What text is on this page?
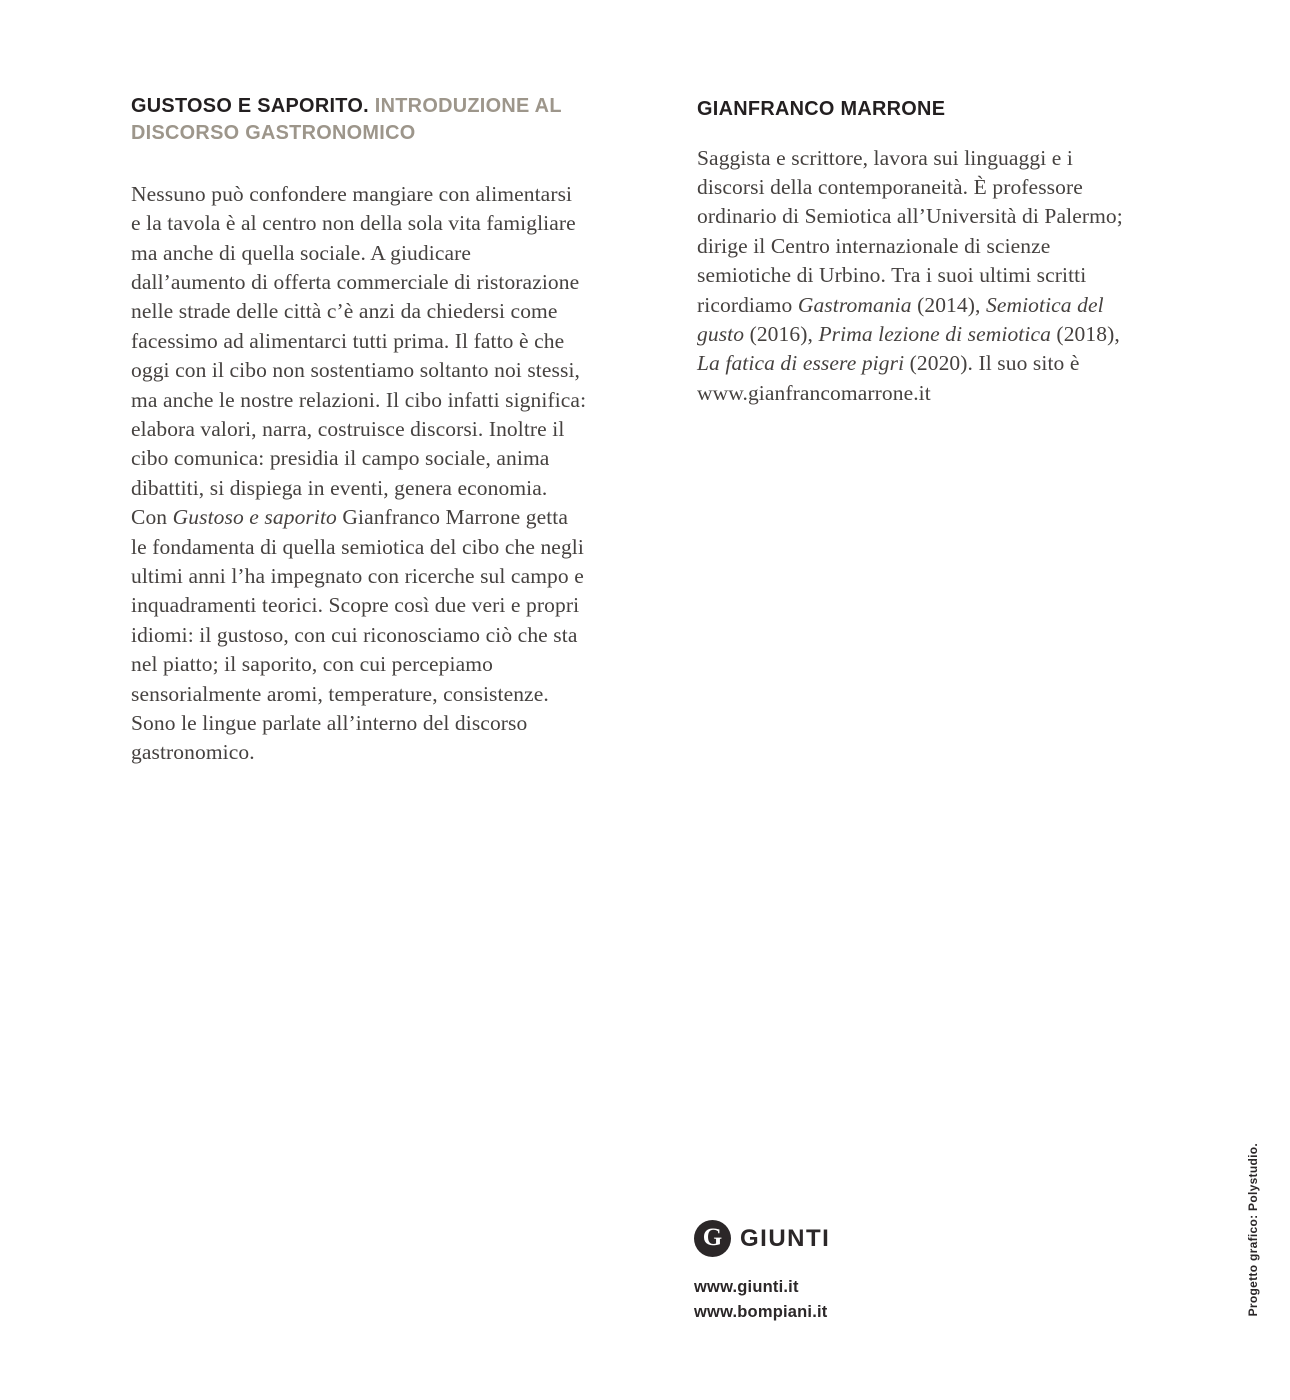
GUSTOSO E SAPORITO. INTRODUZIONE AL DISCORSO GASTRONOMICO

Nessuno può confondere mangiare con alimentarsi e la tavola è al centro non della sola vita famigliare ma anche di quella sociale. A giudicare dall’aumento di offerta commerciale di ristorazione nelle strade delle città c’è anzi da chiedersi come facessimo ad alimentarci tutti prima. Il fatto è che oggi con il cibo non sostentiamo soltanto noi stessi, ma anche le nostre relazioni. Il cibo infatti significa: elabora valori, narra, costruisce discorsi. Inoltre il cibo comunica: presidia il campo sociale, anima dibattiti, si dispiega in eventi, genera economia. Con Gustoso e saporito Gianfranco Marrone getta le fondamenta di quella semiotica del cibo che negli ultimi anni l’ha impegnato con ricerche sul campo e inquadramenti teorici. Scopre così due veri e propri idiomi: il gustoso, con cui riconosciamo ciò che sta nel piatto; il saporito, con cui percepiamo sensorialmente aromi, temperature, consistenze. Sono le lingue parlate all’interno del discorso gastronomico.

GIANFRANCO MARRONE

Saggista e scrittore, lavora sui linguaggi e i discorsi della contemporaneità. È professore ordinario di Semiotica all’Università di Palermo; dirige il Centro internazionale di scienze semiotiche di Urbino. Tra i suoi ultimi scritti ricordiamo Gastromania (2014), Semiotica del gusto (2016), Prima lezione di semiotica (2018), La fatica di essere pigri (2020). Il suo sito è www.gianfrancomarrone.it

G GIUNTI
www.giunti.it
www.bompiani.it	Progetto grafico: Polystudio.
